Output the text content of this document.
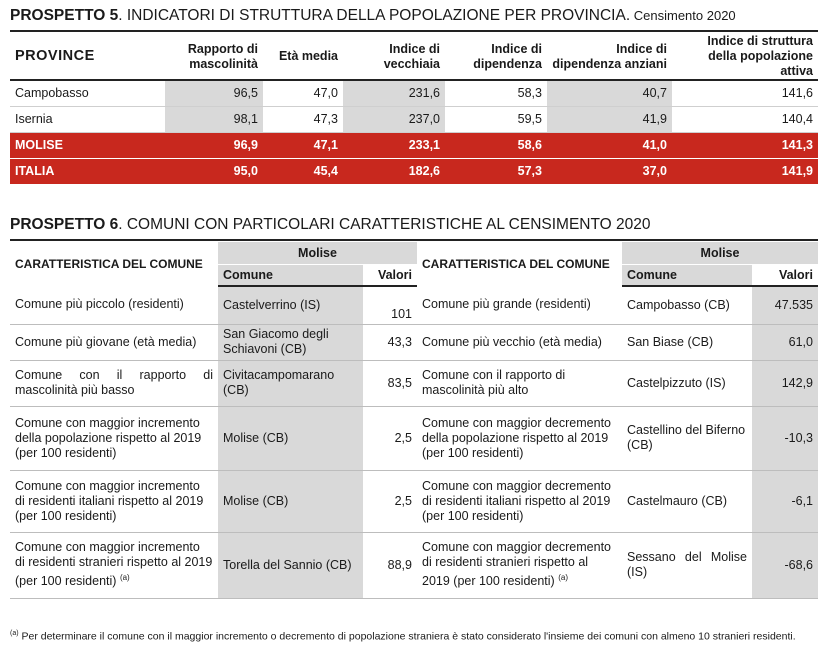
PROSPETTO 5. INDICATORI DI STRUTTURA DELLA POPOLAZIONE PER PROVINCIA. Censimento 2020
PROVINCE	Rapporto di mascolinità	Età media	Indice di vecchiaia	Indice di dipendenza	Indice di dipendenza anziani	Indice di struttura della popolazione attiva
Campobasso	96,5	47,0	231,6	58,3	40,7	141,6
Isernia	98,1	47,3	237,0	59,5	41,9	140,4
MOLISE	96,9	47,1	233,1	58,6	41,0	141,3
ITALIA	95,0	45,4	182,6	57,3	37,0	141,9
PROSPETTO 6. COMUNI CON PARTICOLARI CARATTERISTICHE AL CENSIMENTO 2020
CARATTERISTICA DEL COMUNE	Molise		CARATTERISTICA DEL COMUNE	Molise	
	Comune	Valori		Comune	Valori
Comune più piccolo (residenti)	Castelverrino (IS)	101	Comune più grande (residenti)	Campobasso (CB)	47.535
Comune più giovane (età media)	San Giacomo degli Schiavoni (CB)	43,3	Comune più vecchio (età media)	San Biase (CB)	61,0
Comune con il rapporto di mascolinità più basso	Civitacampomarano (CB)	83,5	Comune con il rapporto di mascolinità più alto	Castelpizzuto (IS)	142,9
Comune con maggior incremento della popolazione rispetto al 2019 (per 100 residenti)	Molise (CB)	2,5	Comune con maggior decremento della popolazione rispetto al 2019 (per 100 residenti)	Castellino del Biferno (CB)	-10,3
Comune con maggior incremento di residenti italiani rispetto al 2019 (per 100 residenti)	Molise (CB)	2,5	Comune con maggior decremento di residenti italiani rispetto al 2019 (per 100 residenti)	Castelmauro (CB)	-6,1
Comune con maggior incremento di residenti stranieri rispetto al 2019 (per 100 residenti) $^{(a)}$	Torella del Sannio (CB)	88,9	Comune con maggior decremento di residenti stranieri rispetto al 2019 (per 100 residenti) $^{(a)}$	Sessano del Molise (IS)	-68,6
$^{(a)}$ Per determinare il comune con il maggior incremento o decremento di popolazione straniera è stato considerato l'insieme dei comuni con almeno 10 stranieri residenti.
